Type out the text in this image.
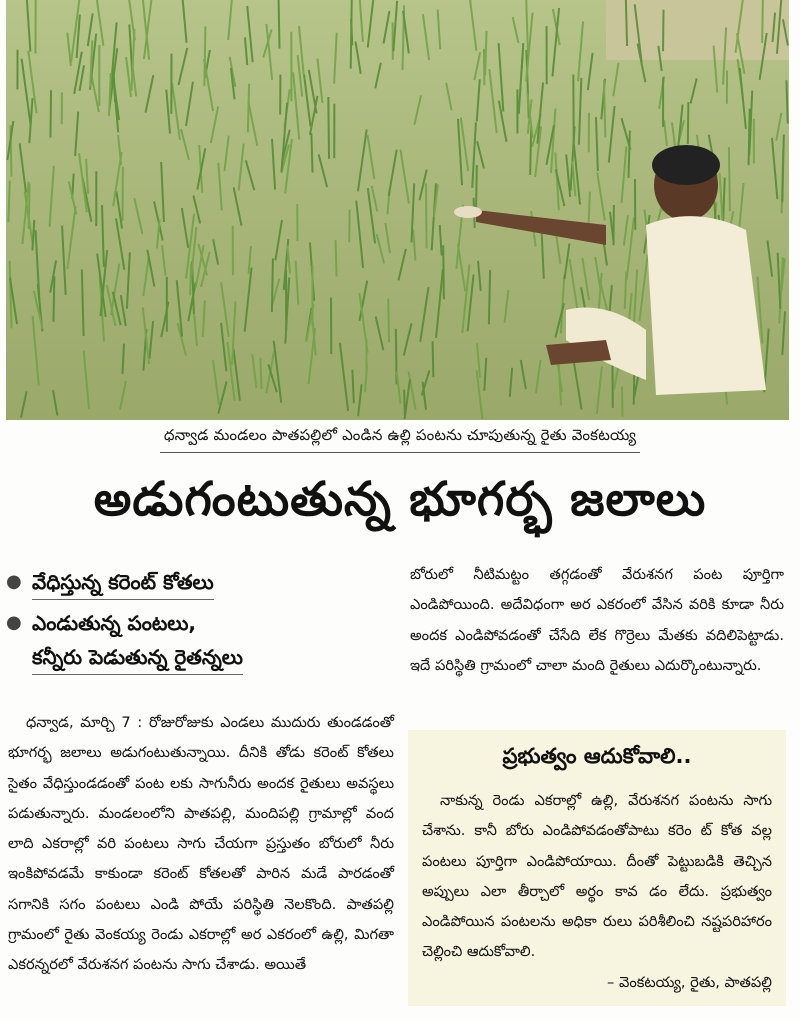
ధన్వాడ మండలం పాతపల్లిలో ఎండిన ఉల్లి పంటను చూపుతున్న రైతు వెంకటయ్య
అడుగంటుతున్న భూగర్భ జలాలు
● వేధిస్తున్న కరెంట్ కోతలు
● ఎండుతున్న పంటలు,
కన్నీరు పెడుతున్న రైతన్నలు

ధన్వాడ, మార్చి 7 : రోజురోజుకు ఎండలు ముదురు తుండడంతో భూగర్భ జలాలు అడుగంటుతున్నాయి. దీనికి తోడు కరెంట్ కోతలు సైతం వేధిస్తుండడంతో పంట లకు సాగునీరు అందక రైతులు అవస్థలు పడుతున్నారు. మండలంలోని పాతపల్లి, మందిపల్లి గ్రామాల్లో వంద లాది ఎకరాల్లో వరి పంటలు సాగు చేయగా ప్రస్తుతం బోరులో నీరు ఇంకిపోవడమే కాకుండా కరెంట్ కోతలతో పారిన మడే పారడంతో సగానికి సగం పంటలు ఎండి పోయే పరిస్థితి నెలకొంది. పాతపల్లి గ్రామంలో రైతు వెంకయ్య రెండు ఎకరాల్లో అర ఎకరంలో ఉల్లి, మిగతా ఎకరన్నరలో వేరుశనగ పంటను సాగు చేశాడు. అయితే

బోరులో నీటిమట్టం తగ్గడంతో వేరుశనగ పంట పూర్తిగా ఎండిపోయింది. అదేవిధంగా అర ఎకరంలో వేసిన వరికి కూడా నీరు అందక ఎండిపోవడంతో చేసేది లేక గొర్రెలు మేతకు వదిలిపెట్టాడు. ఇదే పరిస్థితి గ్రామంలో చాలా మంది రైతులు ఎదుర్కొంటున్నారు.

ప్రభుత్వం ఆదుకోవాలి..
నాకున్న రెండు ఎకరాల్లో ఉల్లి, వేరుశనగ పంటను సాగు చేశాను. కానీ బోరు ఎండిపోవడంతోపాటు కరెం ట్ కోత వల్ల పంటలు పూర్తిగా ఎండిపోయాయి. దీంతో పెట్టుబడికి తెచ్చిన అప్పులు ఎలా తీర్చాలో అర్థం కావ డం లేదు. ప్రభుత్వం ఎండిపోయిన పంటలను అధికా రులు పరిశీలించి నష్టపరిహారం చెల్లించి ఆదుకోవాలి.
– వెంకటయ్య, రైతు, పాతపల్లి
